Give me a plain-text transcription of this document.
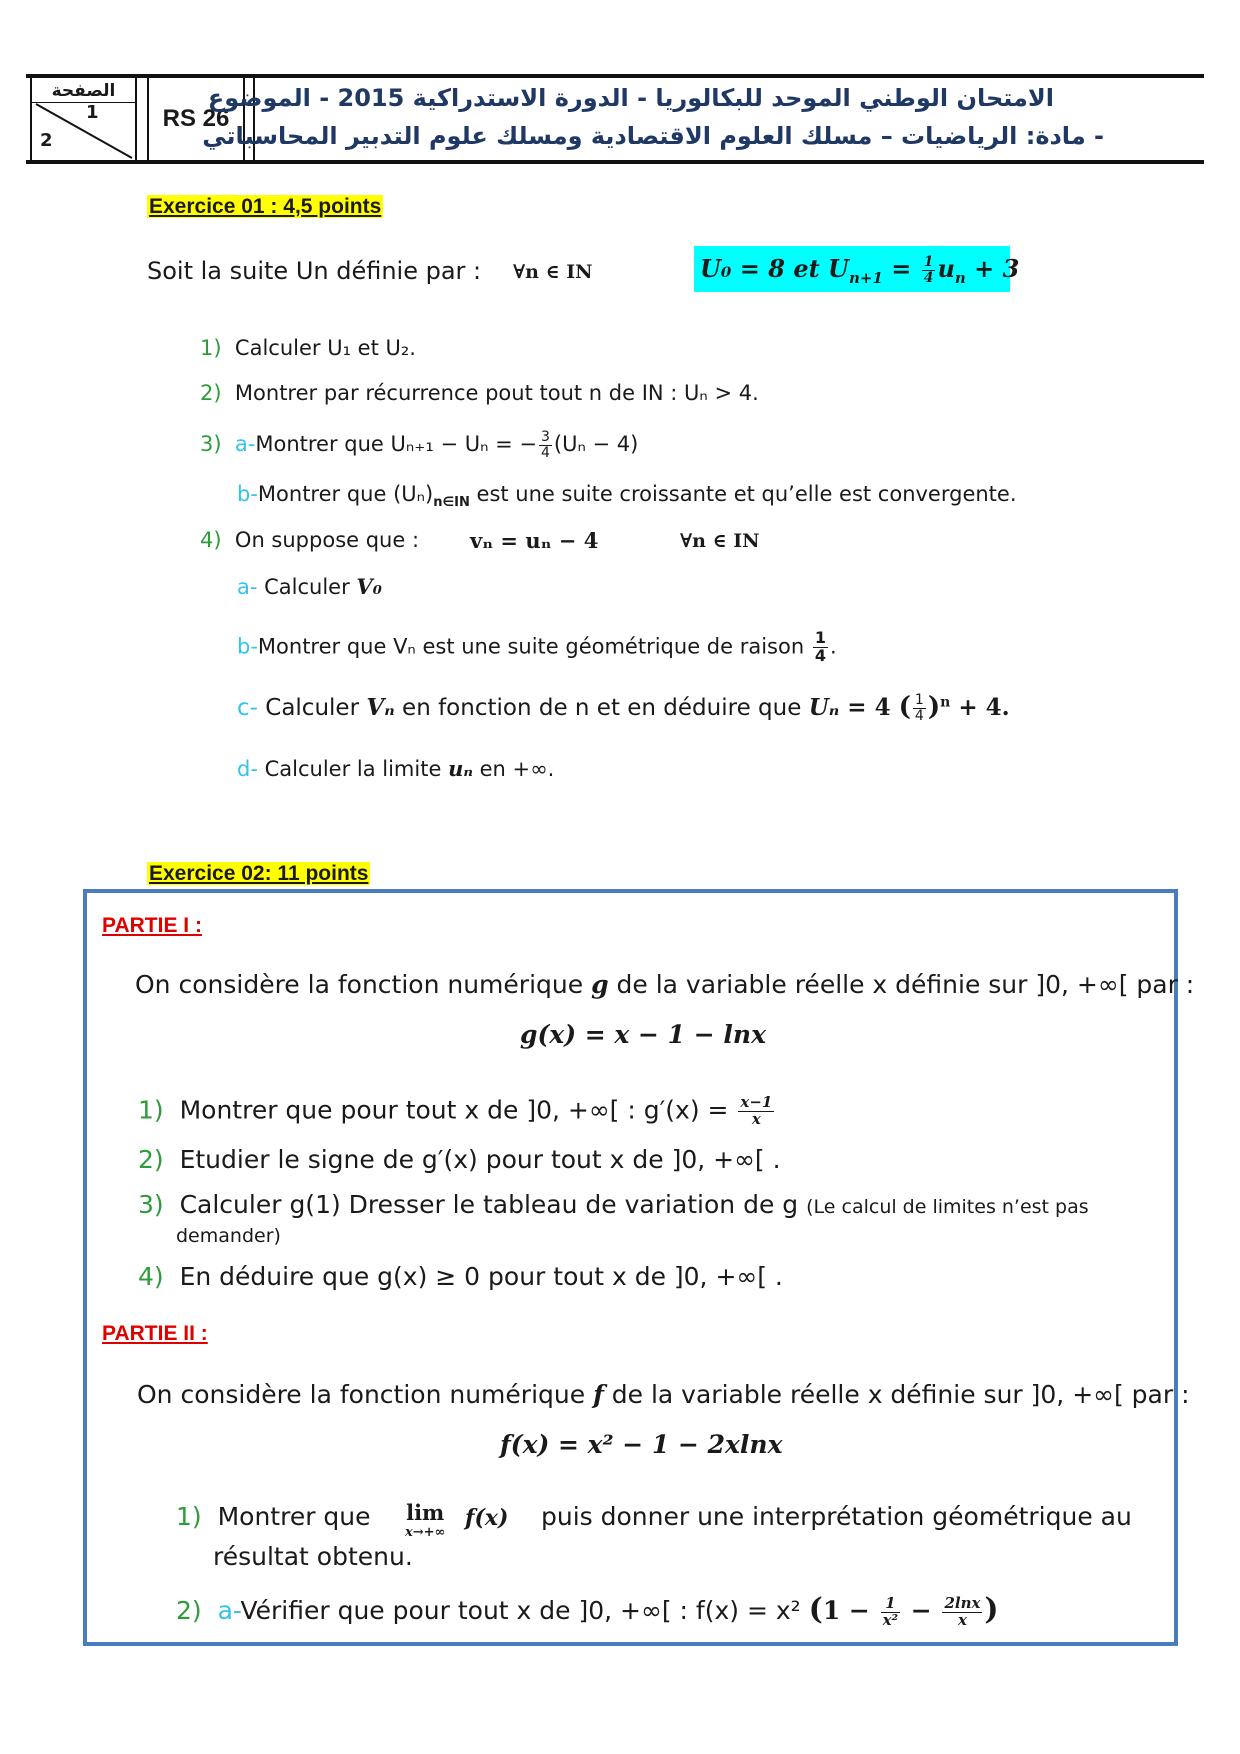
الصفحة
1
2
RS 26
الامتحان الوطني الموحد للبكالوريا - الدورة الاستدراكية 2015 - الموضوع
- مادة: الرياضيات – مسلك العلوم الاقتصادية ومسلك علوم التدبير المحاسباتي
Exercice 01 : 4,5 points
Soit la suite Un définie par : ∀n ∈ IN	U₀ = 8 et $U_{n+1} = \frac{1}{4} u_n + 3$
1) Calculer U₁ et U₂.
2) Montrer par récurrence pout tout n de IN : Uₙ > 4.
3) a-Montrer que Uₙ₊₁ − Uₙ = − $\frac{3}{4} (U_n - 4)$
b-Montrer que $(U_n)_{n\in IN}$ est une suite croissante et qu’elle est convergente.
4) On suppose que : vₙ = uₙ − 4	∀n ∈ IN
a- Calculer V₀
b-Montrer que Vₙ est une suite géométrique de raison $\frac{1}{4}$ .
c- Calculer Vₙ en fonction de n et en déduire que Uₙ = 4 ( $\frac{1}{4} )^n + 4$.
d- Calculer la limite uₙ en +∞.
Exercice 02: 11 points
PARTIE I :
On considère la fonction numérique g de la variable réelle x définie sur ]0, +∞[ par :
g(x) = x − 1 − lnx
1) Montrer que pour tout x de ]0, +∞[ : $g'(x) = \frac{x-1}{x}$
2) Etudier le signe de g′(x) pour tout x de ]0, +∞[ .
3) Calculer g(1) Dresser le tableau de variation de g (Le calcul de limites n’est pas
demander)
4) En déduire que g(x) ≥ 0 pour tout x de ]0, +∞[ .
PARTIE II :
On considère la fonction numérique f de la variable réelle x définie sur ]0, +∞[ par :
f(x) = x² − 1 − 2xlnx
1) Montrer que lim
x→+∞
f(x) puis donner une interprétation géométrique au
résultat obtenu.
2) a-Vérifier que pour tout x de ]0, +∞[ : f(x) = x² ($1 - \frac{1}{\text{x²}} - \frac{2\ln x}{x}$ )
